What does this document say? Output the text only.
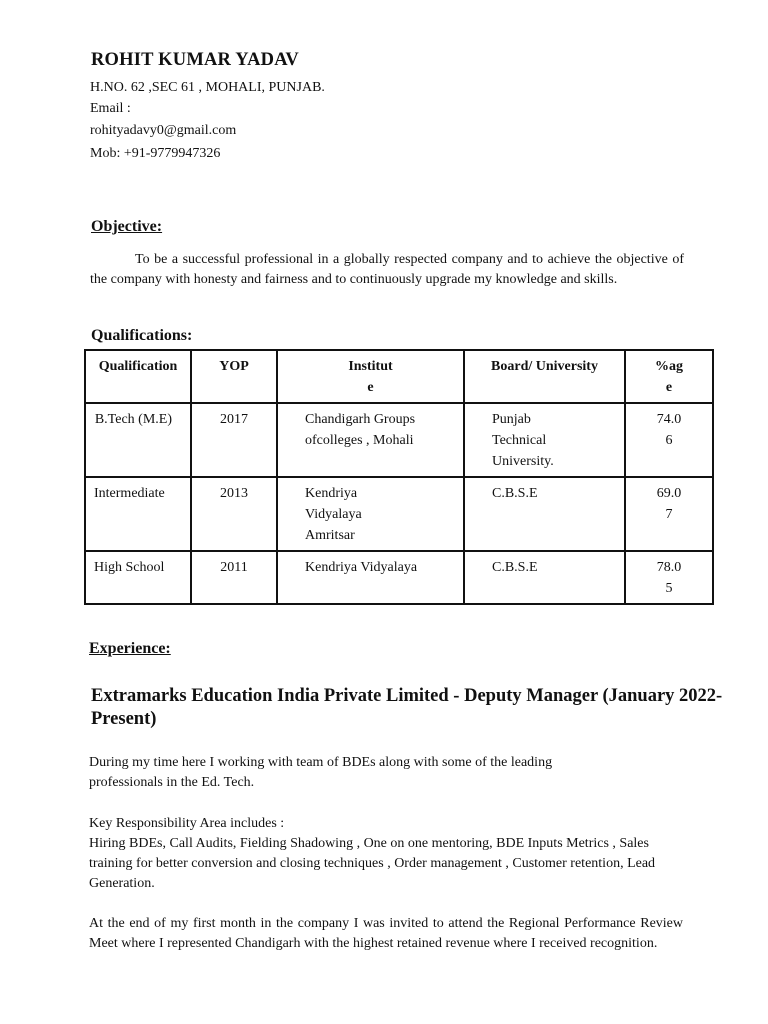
ROHIT KUMAR YADAV
H.NO. 62 ,SEC 61 , MOHALI, PUNJAB.
Email :
rohityadavy0@gmail.com
Mob: +91-9779947326
Objective:
To be a successful professional in a globally respected company and to achieve the objective of the company with honesty and fairness and to continuously upgrade my knowledge and skills.
Qualifications:
Qualification	YOP	Institute	Board/ University	%age
B.Tech (M.E)	2017	Chandigarh Groups ofcolleges , Mohali	Punjab Technical University.	74.06
Intermediate	2013	Kendriya Vidyalaya Amritsar	C.B.S.E	69.07
High School	2011	Kendriya Vidyalaya	C.B.S.E	78.05
Experience:
Extramarks Education India Private Limited - Deputy Manager (January 2022- Present)
During my time here I working with team of BDEs along with some of the leading professionals in the Ed. Tech.
Key Responsibility Area includes :
Hiring BDEs, Call Audits, Fielding Shadowing , One on one mentoring, BDE Inputs Metrics , Sales training for better conversion and closing techniques , Order management , Customer retention, Lead Generation.
At the end of my first month in the company I was invited to attend the Regional Performance Review Meet where I represented Chandigarh with the highest retained revenue where I received recognition.
